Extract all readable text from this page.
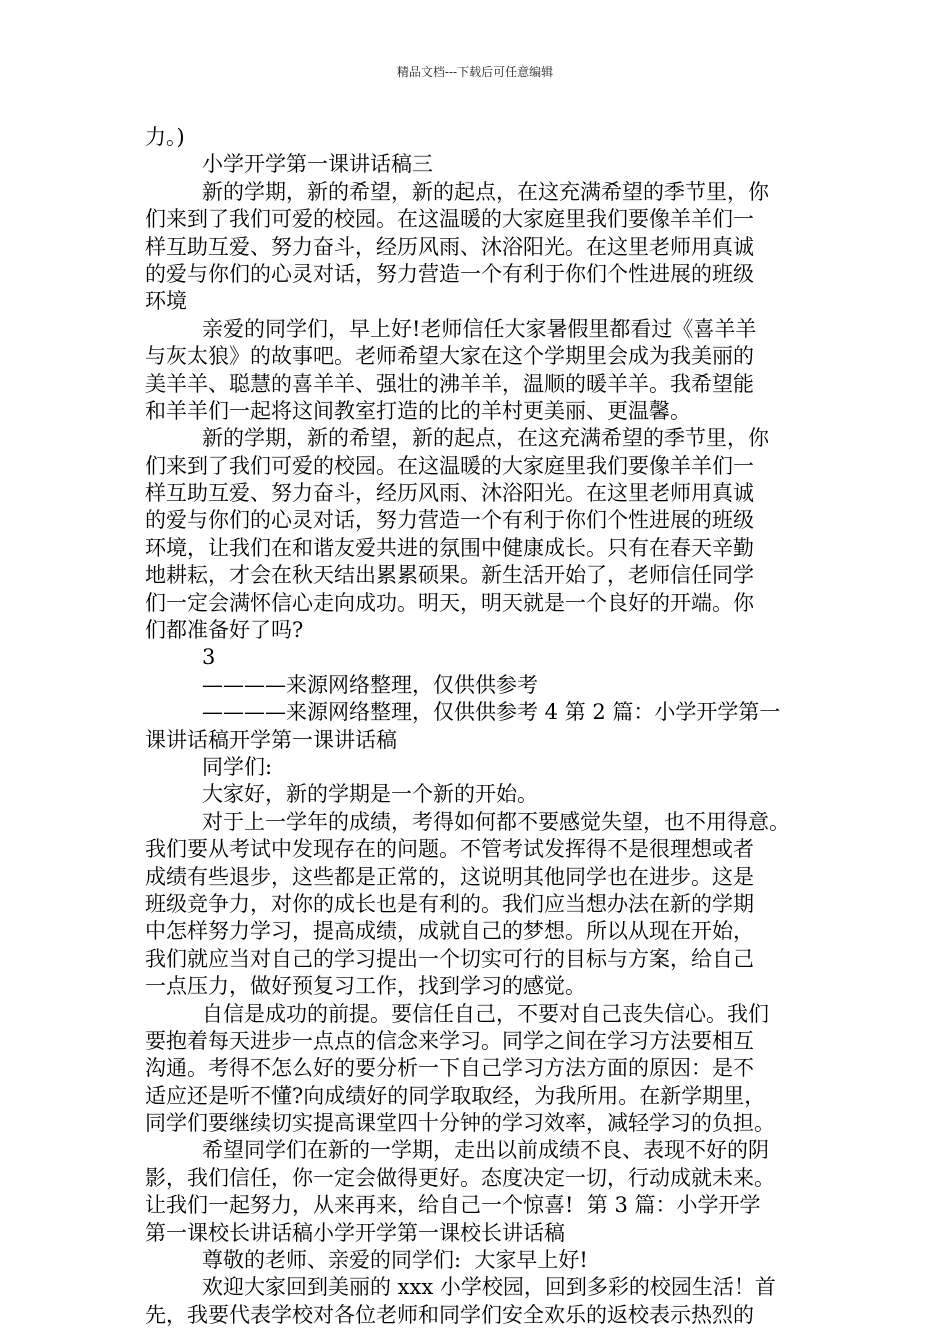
精品文档---下载后可任意编辑
力。)
小学开学第一课讲话稿三
新的学期，新的希望，新的起点，在这充满希望的季节里，你
们来到了我们可爱的校园。在这温暖的大家庭里我们要像羊羊们一
样互助互爱、努力奋斗，经历风雨、沐浴阳光。在这里老师用真诚
的爱与你们的心灵对话，努力营造一个有利于你们个性进展的班级
环境
亲爱的同学们，早上好!老师信任大家暑假里都看过《喜羊羊
与灰太狼》的故事吧。老师希望大家在这个学期里会成为我美丽的
美羊羊、聪慧的喜羊羊、强壮的沸羊羊，温顺的暖羊羊。我希望能
和羊羊们一起将这间教室打造的比的羊村更美丽、更温馨。
新的学期，新的希望，新的起点，在这充满希望的季节里，你
们来到了我们可爱的校园。在这温暖的大家庭里我们要像羊羊们一
样互助互爱、努力奋斗，经历风雨、沐浴阳光。在这里老师用真诚
的爱与你们的心灵对话，努力营造一个有利于你们个性进展的班级
环境，让我们在和谐友爱共进的氛围中健康成长。只有在春天辛勤
地耕耘，才会在秋天结出累累硕果。新生活开始了，老师信任同学
们一定会满怀信心走向成功。明天，明天就是一个良好的开端。你
们都准备好了吗?
3
————来源网络整理，仅供供参考
————来源网络整理，仅供供参考 4 第 2 篇：小学开学第一
课讲话稿开学第一课讲话稿
同学们:
大家好，新的学期是一个新的开始。
对于上一学年的成绩，考得如何都不要感觉失望，也不用得意。
我们要从考试中发现存在的问题。不管考试发挥得不是很理想或者
成绩有些退步，这些都是正常的，这说明其他同学也在进步。这是
班级竞争力，对你的成长也是有利的。我们应当想办法在新的学期
中怎样努力学习，提高成绩，成就自己的梦想。所以从现在开始，
我们就应当对自己的学习提出一个切实可行的目标与方案，给自己
一点压力，做好预复习工作，找到学习的感觉。
自信是成功的前提。要信任自己，不要对自己丧失信心。我们
要抱着每天进步一点点的信念来学习。同学之间在学习方法要相互
沟通。考得不怎么好的要分析一下自己学习方法方面的原因：是不
适应还是听不懂?向成绩好的同学取取经，为我所用。在新学期里，
同学们要继续切实提高课堂四十分钟的学习效率，减轻学习的负担。
希望同学们在新的一学期，走出以前成绩不良、表现不好的阴
影，我们信任，你一定会做得更好。态度决定一切，行动成就未来。
让我们一起努力，从来再来，给自己一个惊喜!  第 3 篇：小学开学
第一课校长讲话稿小学开学第一课校长讲话稿
尊敬的老师、亲爱的同学们:  大家早上好!
欢迎大家回到美丽的 xxx 小学校园，回到多彩的校园生活！首
先，我要代表学校对各位老师和同学们安全欢乐的返校表示热烈的
